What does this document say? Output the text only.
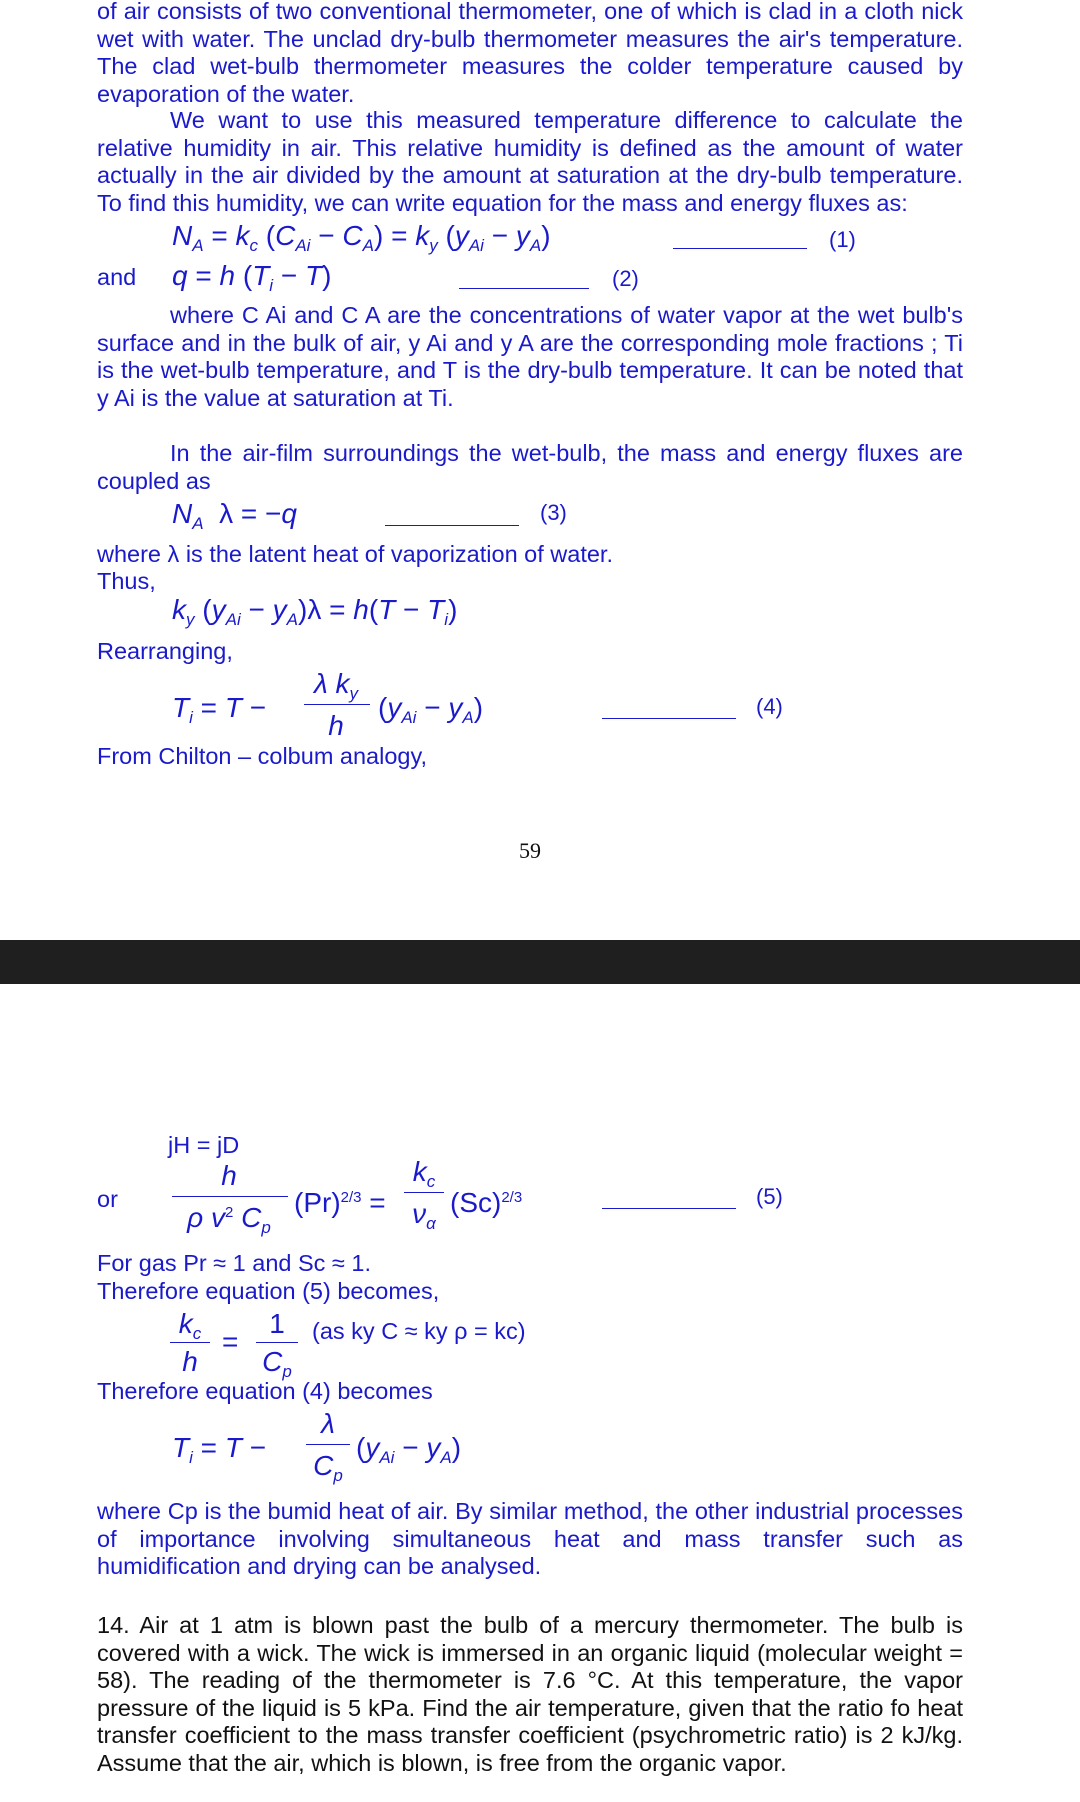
of air consists of two conventional thermometer, one of which is clad in a cloth nick wet with water. The unclad dry-bulb thermometer measures the air's temperature. The clad wet-bulb thermometer measures the colder temperature caused by evaporation of the water.

We want to use this measured temperature difference to calculate the relative humidity in air. This relative humidity is defined as the amount of water actually in the air divided by the amount at saturation at the dry-bulb temperature. To find this humidity, we can write equation for the mass and energy fluxes as:

$N_A = k_c$ $(C_{Ai} - C_A) = k_y$ $(y_{Ai} - y_A)$	(1)
and q = h $(T_i - T)$	(2)

where C Ai and C A are the concentrations of water vapor at the wet bulb's surface and in the bulk of air, y Ai and y A are the corresponding mole fractions ; Ti is the wet-bulb temperature, and T is the dry-bulb temperature. It can be noted that y Ai is the value at saturation at Ti.

In the air-film surroundings the wet-bulb, the mass and energy fluxes are coupled as

$N_A$  λ = −q	(3)
where λ is the latent heat of vaporization of water.
Thus,
$k_y$ $(y_{Ai} - y_A)\lambda = h(T - T_i)$
Rearranging,
$T_i = T$ −
λ $k_y$
h
$(y_{Ai} - y_A)$	(4)
From Chilton – colbum analogy,
59
jH = jD
or
h
ρ $v^2$ $C_p$
$(Pr)^{2/3}$ =
$k_c$
$\nu_\alpha$
$(Sc)^{2/3}$	(5)
For gas Pr ≈ 1 and Sc ≈ 1.
Therefore equation (5) becomes,
$k_c$
h
=
1
$C_p$
(as ky C ≈ ky ρ = kc)
Therefore equation (4) becomes
$T_i = T$ −
λ
$C_p$
$(y_{Ai} - y_A)$

where Cp is the bumid heat of air. By similar method, the other industrial processes of importance involving simultaneous heat and mass transfer such as humidification and drying can be analysed.

14. Air at 1 atm is blown past the bulb of a mercury thermometer. The bulb is covered with a wick. The wick is immersed in an organic liquid (molecular weight = 58). The reading of the thermometer is 7.6 °C. At this temperature, the vapor pressure of the liquid is 5 kPa. Find the air temperature, given that the ratio fo heat transfer coefficient to the mass transfer coefficient (psychrometric ratio) is 2 kJ/kg. Assume that the air, which is blown, is free from the organic vapor.
